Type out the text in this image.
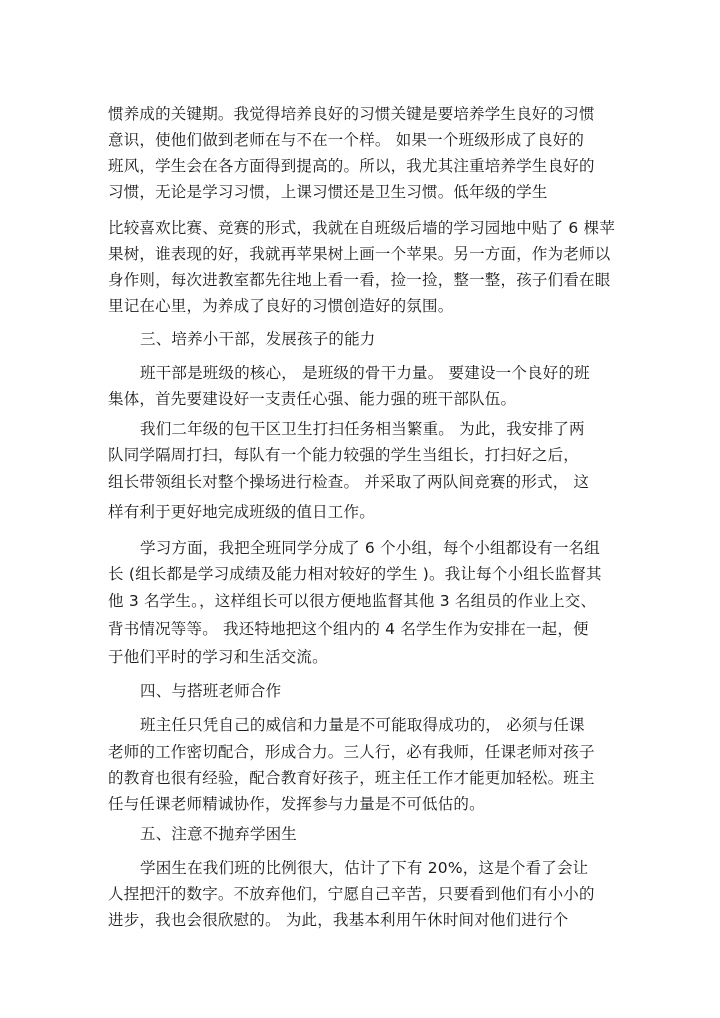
惯养成的关键期。我觉得培养良好的习惯关键是要培养学生良好的习惯
意识，使他们做到老师在与不在一个样。 如果一个班级形成了良好的
班风，学生会在各方面得到提高的。所以，我尤其注重培养学生良好的
习惯，无论是学习习惯，上课习惯还是卫生习惯。低年级的学生
比较喜欢比赛、竞赛的形式，我就在自班级后墙的学习园地中贴了 6 棵苹
果树，谁表现的好，我就再苹果树上画一个苹果。另一方面，作为老师以
身作则，每次进教室都先往地上看一看，捡一捡，整一整，孩子们看在眼
里记在心里，为养成了良好的习惯创造好的氛围。
三、培养小干部，发展孩子的能力
班干部是班级的核心， 是班级的骨干力量。 要建设一个良好的班
集体，首先要建设好一支责任心强、能力强的班干部队伍。
我们二年级的包干区卫生打扫任务相当繁重。 为此，我安排了两
队同学隔周打扫，每队有一个能力较强的学生当组长，打扫好之后，
组长带领组长对整个操场进行检查。 并采取了两队间竞赛的形式， 这
样有利于更好地完成班级的值日工作。
学习方面，我把全班同学分成了 6 个小组，每个小组都设有一名组
长 (组长都是学习成绩及能力相对较好的学生 )。我让每个小组长监督其
他 3 名学生。，这样组长可以很方便地监督其他 3 名组员的作业上交、
背书情况等等。 我还特地把这个组内的 4 名学生作为安排在一起，便
于他们平时的学习和生活交流。
四、与搭班老师合作
班主任只凭自己的威信和力量是不可能取得成功的， 必须与任课
老师的工作密切配合，形成合力。三人行，必有我师，任课老师对孩子
的教育也很有经验，配合教育好孩子，班主任工作才能更加轻松。班主
任与任课老师精诚协作，发挥参与力量是不可低估的。
五、注意不抛弃学困生
学困生在我们班的比例很大，估计了下有 20%，这是个看了会让
人捏把汗的数字。不放弃他们，宁愿自己辛苦，只要看到他们有小小的
进步，我也会很欣慰的。 为此，我基本利用午休时间对他们进行个
